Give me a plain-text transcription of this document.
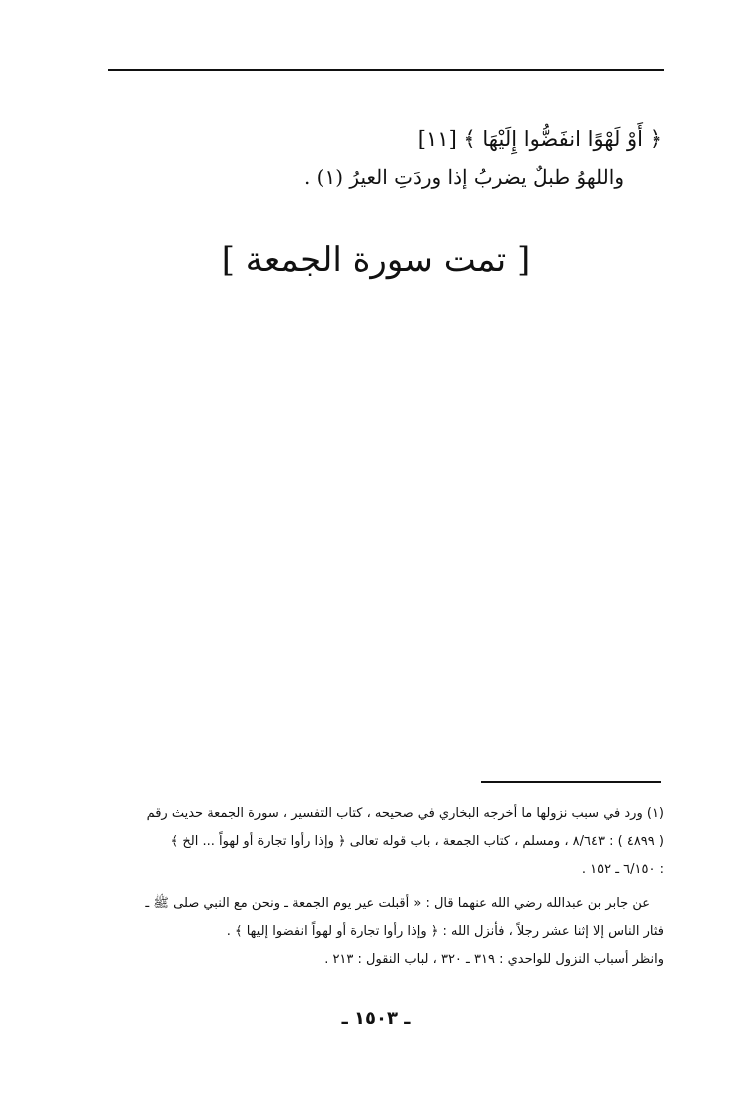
﴿ أَوْ لَهْوًا انفَضُّوا إِلَيْهَا ﴾ [١١]
واللهوُ طبلٌ يضربُ إذا وردَتِ العيرُ (١) .
[ تمت سورة الجمعة ]
(١) ورد في سبب نزولها ما أخرجه البخاري في صحيحه ، كتاب التفسير ، سورة الجمعة حديث رقم
( ٤٨٩٩ ) : ٨/٦٤٣ ، ومسلم ، كتاب الجمعة ، باب قوله تعالى ﴿ وإذا رأوا تجارة أو لهواً ... الخ ﴾
: ٦/١٥٠ ـ ١٥٢ .
عن جابر بن عبدالله رضي الله عنهما قال : « أقبلت عير يوم الجمعة ـ ونحن مع النبي صلى ﷺ ـ
فثار الناس إلا إثنا عشر رجلاً ، فأنزل الله : ﴿ وإذا رأوا تجارة أو لهواً انفضوا إليها ﴾ .
وانظر أسباب النزول للواحدي : ٣١٩ ـ ٣٢٠ ، لباب النقول : ٢١٣ .
ـ ١٥٠٣ ـ
